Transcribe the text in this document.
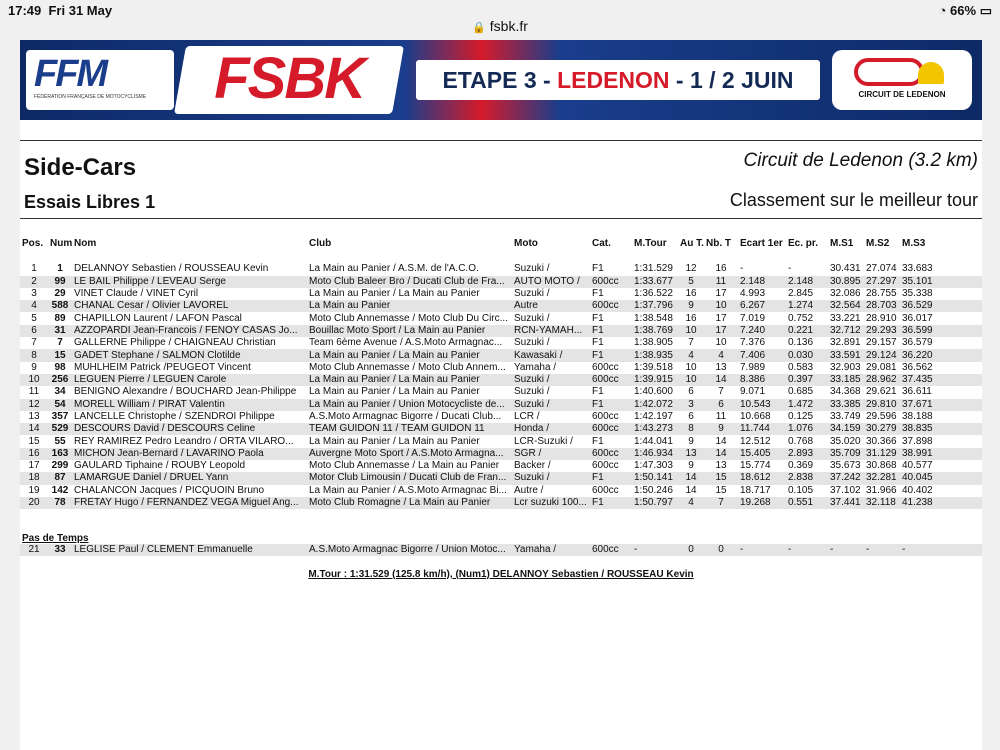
17:49 Fri 31 May	◔ 66% ▭
🔒 fsbk.fr
FFM
FÉDÉRATION FRANÇAISE DE MOTOCYCLISME	FSBK	ETAPE 3 - LEDENON - 1 / 2 JUIN
CIRCUIT DE LEDENON
Side-Cars	Circuit de Ledenon (3.2 km)
Essais Libres 1	Classement sur le meilleur tour
Pos.	Num	Nom	Club	Moto	Cat.	M.Tour	Au T.	Nb. T	Ecart 1er	Ec. pr.	M.S1	M.S2	M.S3	

1	1	DELANNOY Sebastien / ROUSSEAU Kevin	La Main au Panier / A.S.M. de l'A.C.O.	Suzuki /	F1	1:31.529	12	16	-	-	30.431	27.074	33.683	
2	99	LE BAIL Philippe / LEVEAU Serge	Moto Club Baleer Bro / Ducati Club de Fra...	AUTO MOTO /	600cc	1:33.677	5	11	2.148	2.148	30.895	27.297	35.101	
3	29	VINET Claude / VINET Cyril	La Main au Panier / La Main au Panier	Suzuki /	F1	1:36.522	16	17	4.993	2.845	32.086	28.755	35.338	
4	588	CHANAL Cesar / Olivier LAVOREL	La Main au Panier	Autre	600cc	1:37.796	9	10	6.267	1.274	32.564	28.703	36.529	
5	89	CHAPILLON Laurent / LAFON Pascal	Moto Club Annemasse / Moto Club Du Circ...	Suzuki /	F1	1:38.548	16	17	7.019	0.752	33.221	28.910	36.017	
6	31	AZZOPARDI Jean-Francois / FENOY CASAS Jo...	Bouillac Moto Sport / La Main au Panier	RCN-YAMAH...	F1	1:38.769	10	17	7.240	0.221	32.712	29.293	36.599	
7	7	GALLERNE Philippe / CHAIGNEAU Christian	Team 6ème Avenue / A.S.Moto Armagnac...	Suzuki /	F1	1:38.905	7	10	7.376	0.136	32.891	29.157	36.579	
8	15	GADET Stephane / SALMON Clotilde	La Main au Panier / La Main au Panier	Kawasaki /	F1	1:38.935	4	4	7.406	0.030	33.591	29.124	36.220	
9	98	MUHLHEIM Patrick /PEUGEOT Vincent	Moto Club Annemasse / Moto Club Annem...	Yamaha /	600cc	1:39.518	10	13	7.989	0.583	32.903	29.081	36.562	
10	256	LEGUEN Pierre / LEGUEN Carole	La Main au Panier / La Main au Panier	Suzuki /	600cc	1:39.915	10	14	8.386	0.397	33.185	28.962	37.435	
11	34	BENIGNO Alexandre / BOUCHARD Jean-Philippe	La Main au Panier / La Main au Panier	Suzuki /	F1	1:40.600	6	7	9.071	0.685	34.368	29.621	36.611	
12	54	MORELL William / PIRAT Valentin	La Main au Panier / Union Motocycliste de...	Suzuki /	F1	1:42.072	3	6	10.543	1.472	33.385	29.810	37.671	
13	357	LANCELLE Christophe / SZENDROI Philippe	A.S.Moto Armagnac Bigorre / Ducati Club...	LCR /	600cc	1:42.197	6	11	10.668	0.125	33.749	29.596	38.188	
14	529	DESCOURS David / DESCOURS Celine	TEAM GUIDON 11 / TEAM GUIDON 11	Honda /	600cc	1:43.273	8	9	11.744	1.076	34.159	30.279	38.835	
15	55	REY RAMIREZ Pedro Leandro / ORTA VILARO...	La Main au Panier / La Main au Panier	LCR-Suzuki /	F1	1:44.041	9	14	12.512	0.768	35.020	30.366	37.898	
16	163	MICHON Jean-Bernard / LAVARINO Paola	Auvergne Moto Sport / A.S.Moto Armagna...	SGR /	600cc	1:46.934	13	14	15.405	2.893	35.709	31.129	38.991	
17	299	GAULARD Tiphaine / ROUBY Leopold	Moto Club Annemasse / La Main au Panier	Backer /	600cc	1:47.303	9	13	15.774	0.369	35.673	30.868	40.577	
18	87	LAMARGUE Daniel / DRUEL Yann	Motor Club Limousin / Ducati Club de Fran...	Suzuki /	F1	1:50.141	14	15	18.612	2.838	37.242	32.281	40.045	
19	142	CHALANCON Jacques / PICQUOIN Bruno	La Main au Panier / A.S.Moto Armagnac Bi...	Autre /	600cc	1:50.246	14	15	18.717	0.105	37.102	31.966	40.402	
20	78	FRETAY Hugo / FERNANDEZ VEGA Miguel Ang...	Moto Club Romagne / La Main au Panier	Lcr suzuki 100...	F1	1:50.797	4	7	19.268	0.551	37.441	32.118	41.238	
Pas de Temps
21	33	LEGLISE Paul / CLEMENT Emmanuelle	A.S.Moto Armagnac Bigorre / Union Motoc...	Yamaha /	600cc	-	0	0	-	-	-	-	-	
M.Tour : 1:31.529 (125.8 km/h), (Num1) DELANNOY Sebastien / ROUSSEAU Kevin
